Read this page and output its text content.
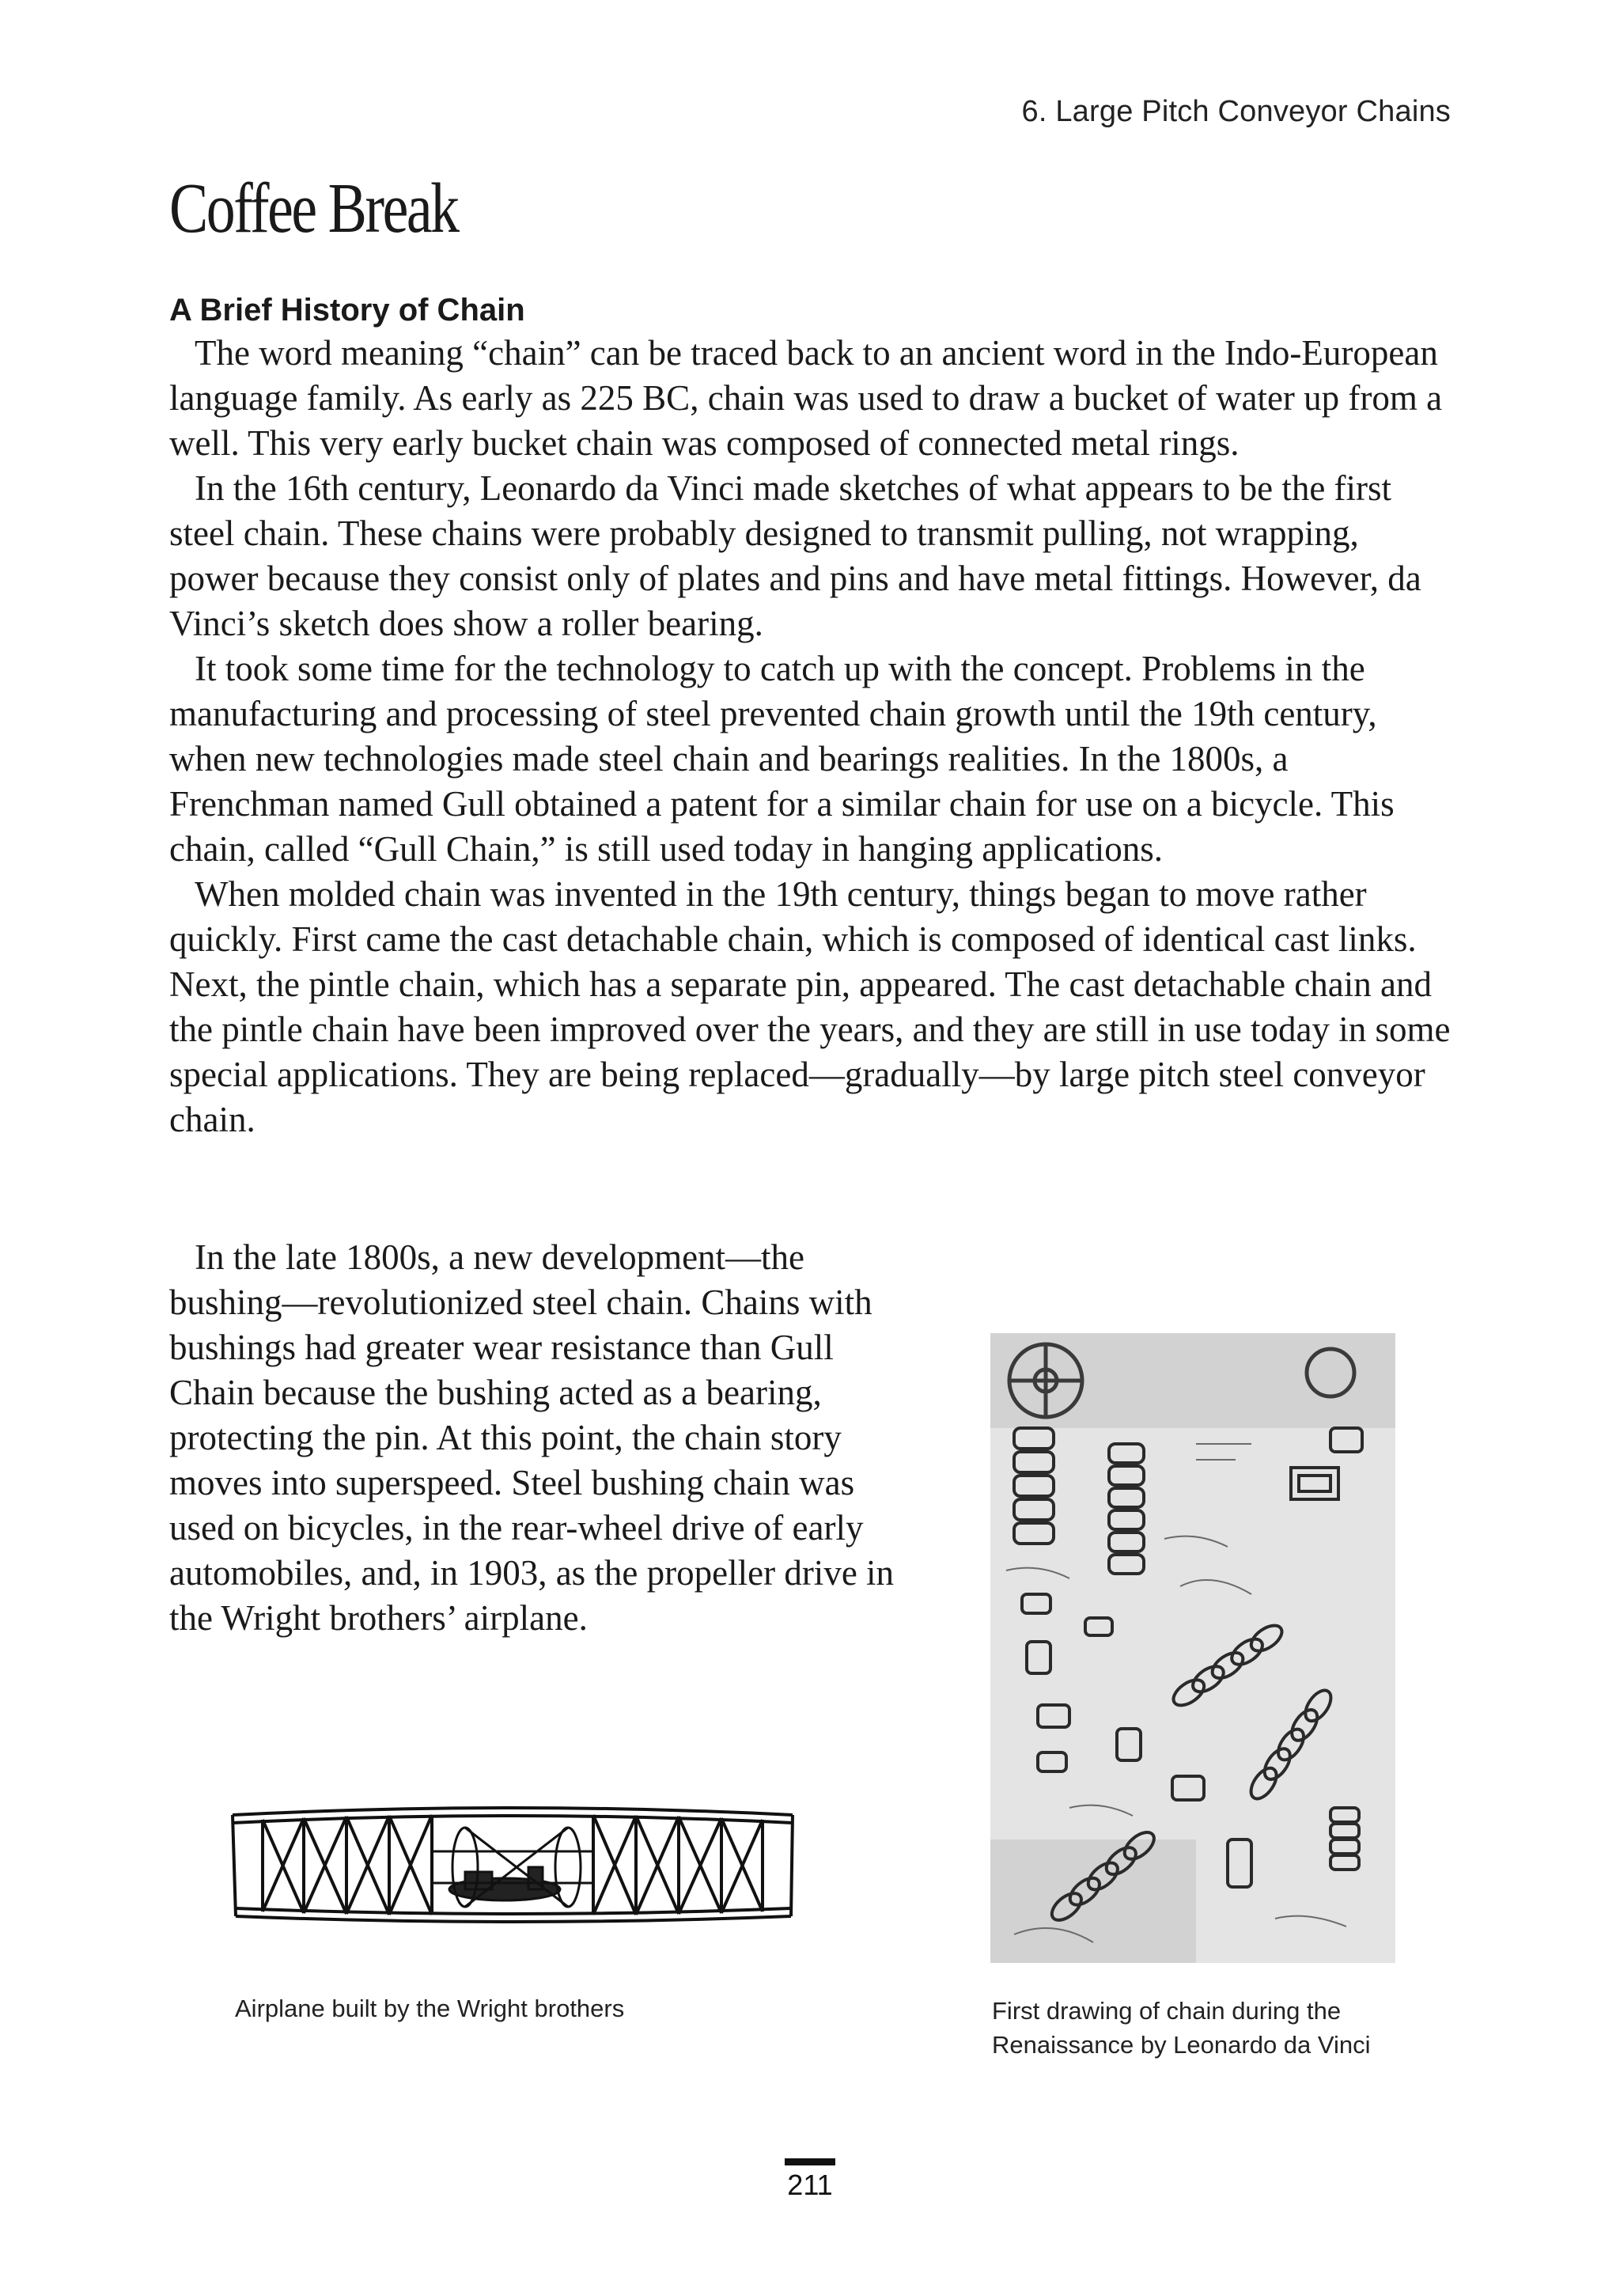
6. Large Pitch Conveyor Chains
Coffee Break
A Brief History of Chain

The word meaning “chain” can be traced back to an ancient word in the Indo-European language family. As early as 225 BC, chain was used to draw a bucket of water up from a well. This very early bucket chain was composed of connected metal rings.

In the 16th century, Leonardo da Vinci made sketches of what appears to be the first steel chain. These chains were probably designed to transmit pulling, not wrapping, power because they consist only of plates and pins and have metal fittings. However, da Vinci’s sketch does show a roller bearing.

It took some time for the technology to catch up with the concept. Problems in the manufacturing and processing of steel prevented chain growth until the 19th century, when new technologies made steel chain and bearings realities. In the 1800s, a Frenchman named Gull obtained a patent for a similar chain for use on a bicycle. This chain, called “Gull Chain,” is still used today in hanging applications.

When molded chain was invented in the 19th century, things began to move rather quickly. First came the cast detachable chain, which is composed of identical cast links. Next, the pintle chain, which has a separate pin, appeared. The cast detachable chain and the pintle chain have been improved over the years, and they are still in use today in some special applications. They are being replaced—gradually—by large pitch steel conveyor chain.

In the late 1800s, a new development—the bushing—revolutionized steel chain. Chains with bushings had greater wear resistance than Gull Chain because the bushing acted as a bearing, protecting the pin. At this point, the chain story moves into superspeed. Steel bushing chain was used on bicycles, in the rear-wheel drive of early automobiles, and, in 1903, as the propeller drive in the Wright brothers’ airplane.

Airplane built by the Wright brothers	First drawing of chain during the Renaissance by Leonardo da Vinci
211
